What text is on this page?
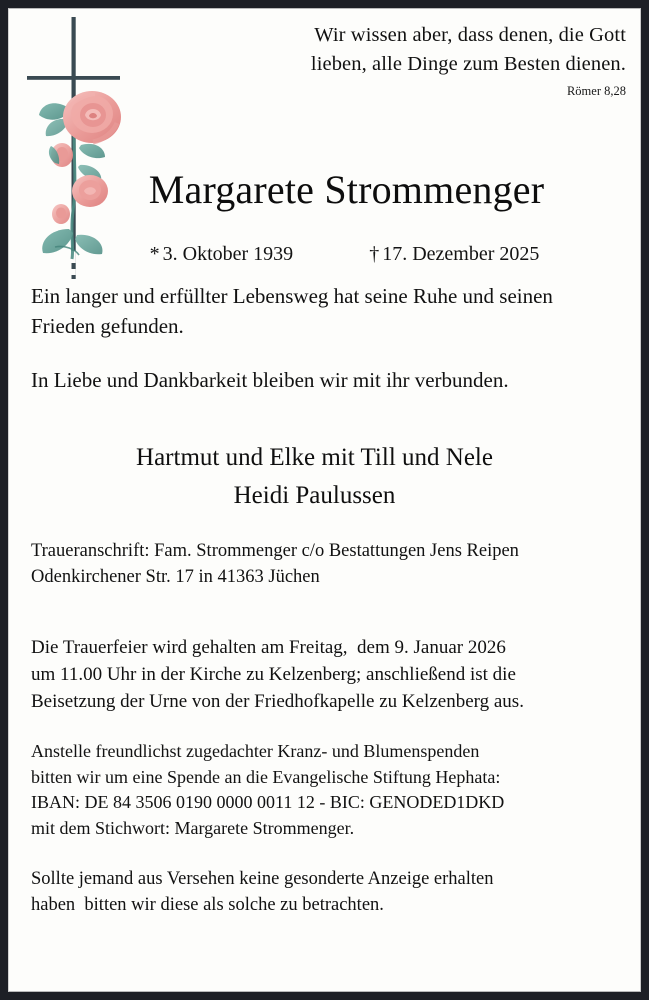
Wir wissen aber, dass denen, die Gott
lieben, alle Dinge zum Besten dienen.
Römer 8,28
Margarete Strommenger
* 3. Oktober 1939	† 17. Dezember 2025

Ein langer und erfüllter Lebensweg hat seine Ruhe und seinen Frieden gefunden.

In Liebe und Dankbarkeit bleiben wir mit ihr verbunden.

Hartmut und Elke mit Till und Nele
Heidi Paulussen
Traueranschrift: Fam. Strommenger c/o Bestattungen Jens Reipen
Odenkirchener Str. 17 in 41363 Jüchen
Die Trauerfeier wird gehalten am Freitag,  dem 9. Januar 2026
um 11.00 Uhr in der Kirche zu Kelzenberg; anschließend ist die
Beisetzung der Urne von der Friedhofkapelle zu Kelzenberg aus.
Anstelle freundlichst zugedachter Kranz- und Blumenspenden
bitten wir um eine Spende an die Evangelische Stiftung Hephata:
IBAN: DE 84 3506 0190 0000 0011 12 - BIC: GENODED1DKD
mit dem Stichwort: Margarete Strommenger.
Sollte jemand aus Versehen keine gesonderte Anzeige erhalten
haben  bitten wir diese als solche zu betrachten.
